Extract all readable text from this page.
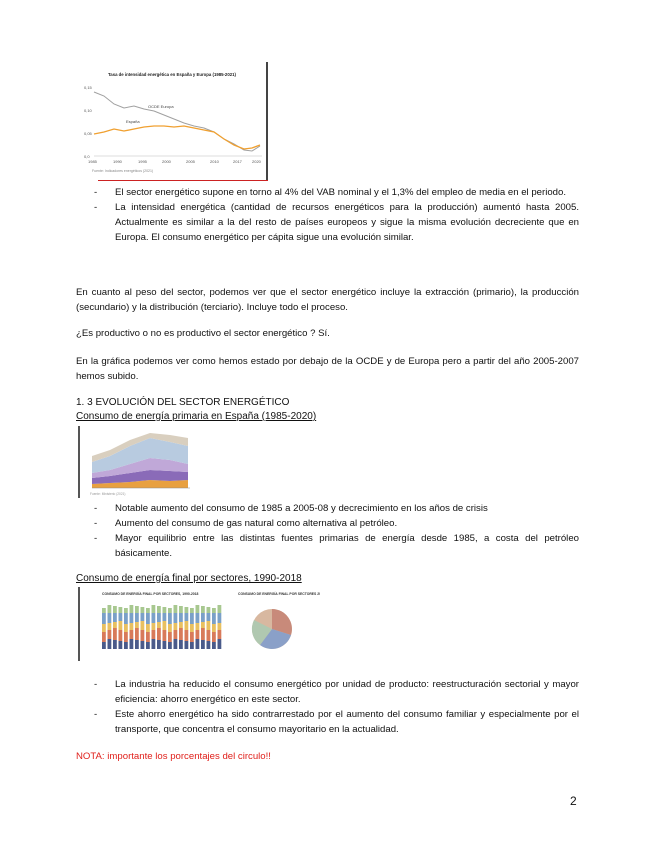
Tasa de intensidad energética en España y Europa (1985-2021)
0,15
0,10
0,05
0,0
OCDE Europa
España
1985	1990	1995	2000	2005	2010	2017	2020
Fuente: Indicadores energéticos (2021)
- El sector energético supone en torno al 4% del VAB nominal y el 1,3% del empleo de media en el periodo.
- La intensidad energética (cantidad de recursos energéticos para la producción) aumentó hasta 2005. Actualmente es similar a la del resto de países europeos y sigue la misma evolución decreciente que en Europa. El consumo energético per cápita sigue una evolución similar.

En cuanto al peso del sector, podemos ver que el sector energético incluye la extracción (primario), la producción (secundario) y la distribución (terciario). Incluye todo el proceso.

¿Es productivo o no es productivo el sector energético ? Sí.

En la gráfica podemos ver como hemos estado por debajo de la OCDE y de Europa pero a partir del año 2005-2007 hemos subido.

1. 3 EVOLUCIÓN DEL SECTOR ENERGÉTICO
Consumo de energía primaria en España (1985-2020)
Fuente: Ministerio (2021)
- Notable aumento del consumo de 1985 a 2005-08 y decrecimiento en los años de crisis
- Aumento del consumo de gas natural como alternativa al petróleo.
- Mayor equilibrio entre las distintas fuentes primarias de energía desde 1985, a costa del petróleo básicamente.
Consumo de energía final por sectores, 1990-2018
CONSUMO DE ENERGÍA FINAL POR SECTORES, 1990-2018	CONSUMO DE ENERGÍA FINAL POR SECTORES 2018
- La industria ha reducido el consumo energético por unidad de producto: reestructuración sectorial y mayor eficiencia: ahorro energético en este sector.
- Este ahorro energético ha sido contrarrestado por el aumento del consumo familiar y especialmente por el transporte, que concentra el consumo mayoritario en la actualidad.
NOTA: importante los porcentajes del circulo!!
2
